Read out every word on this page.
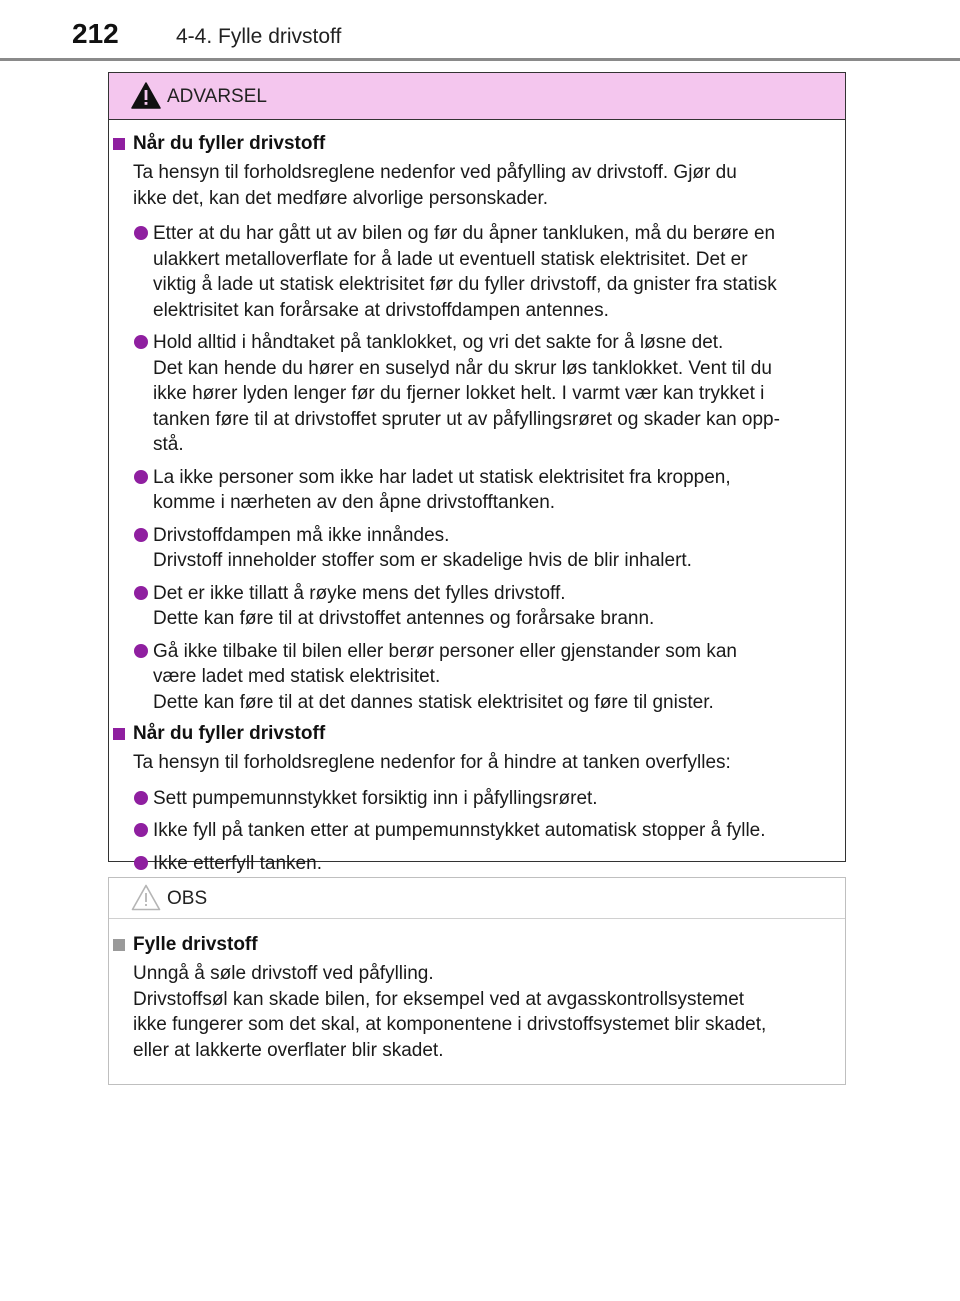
212	4-4. Fylle drivstoff
ADVARSEL
Når du fyller drivstoff
Ta hensyn til forholdsreglene nedenfor ved påfylling av drivstoff. Gjør du
ikke det, kan det medføre alvorlige personskader.
Etter at du har gått ut av bilen og før du åpner tankluken, må du berøre en
ulakkert metalloverflate for å lade ut eventuell statisk elektrisitet. Det er
viktig å lade ut statisk elektrisitet før du fyller drivstoff, da gnister fra statisk
elektrisitet kan forårsake at drivstoffdampen antennes.
Hold alltid i håndtaket på tanklokket, og vri det sakte for å løsne det.
Det kan hende du hører en suselyd når du skrur løs tanklokket. Vent til du
ikke hører lyden lenger før du fjerner lokket helt. I varmt vær kan trykket i
tanken føre til at drivstoffet spruter ut av påfyllingsrøret og skader kan opp-
stå.
La ikke personer som ikke har ladet ut statisk elektrisitet fra kroppen,
komme i nærheten av den åpne drivstofftanken.
Drivstoffdampen må ikke innåndes.
Drivstoff inneholder stoffer som er skadelige hvis de blir inhalert.
Det er ikke tillatt å røyke mens det fylles drivstoff.
Dette kan føre til at drivstoffet antennes og forårsake brann.
Gå ikke tilbake til bilen eller berør personer eller gjenstander som kan
være ladet med statisk elektrisitet.
Dette kan føre til at det dannes statisk elektrisitet og føre til gnister.
Når du fyller drivstoff
Ta hensyn til forholdsreglene nedenfor for å hindre at tanken overfylles:
Sett pumpemunnstykket forsiktig inn i påfyllingsrøret.
Ikke fyll på tanken etter at pumpemunnstykket automatisk stopper å fylle.
Ikke etterfyll tanken.
OBS
Fylle drivstoff
Unngå å søle drivstoff ved påfylling.
Drivstoffsøl kan skade bilen, for eksempel ved at avgasskontrollsystemet
ikke fungerer som det skal, at komponentene i drivstoffsystemet blir skadet,
eller at lakkerte overflater blir skadet.
